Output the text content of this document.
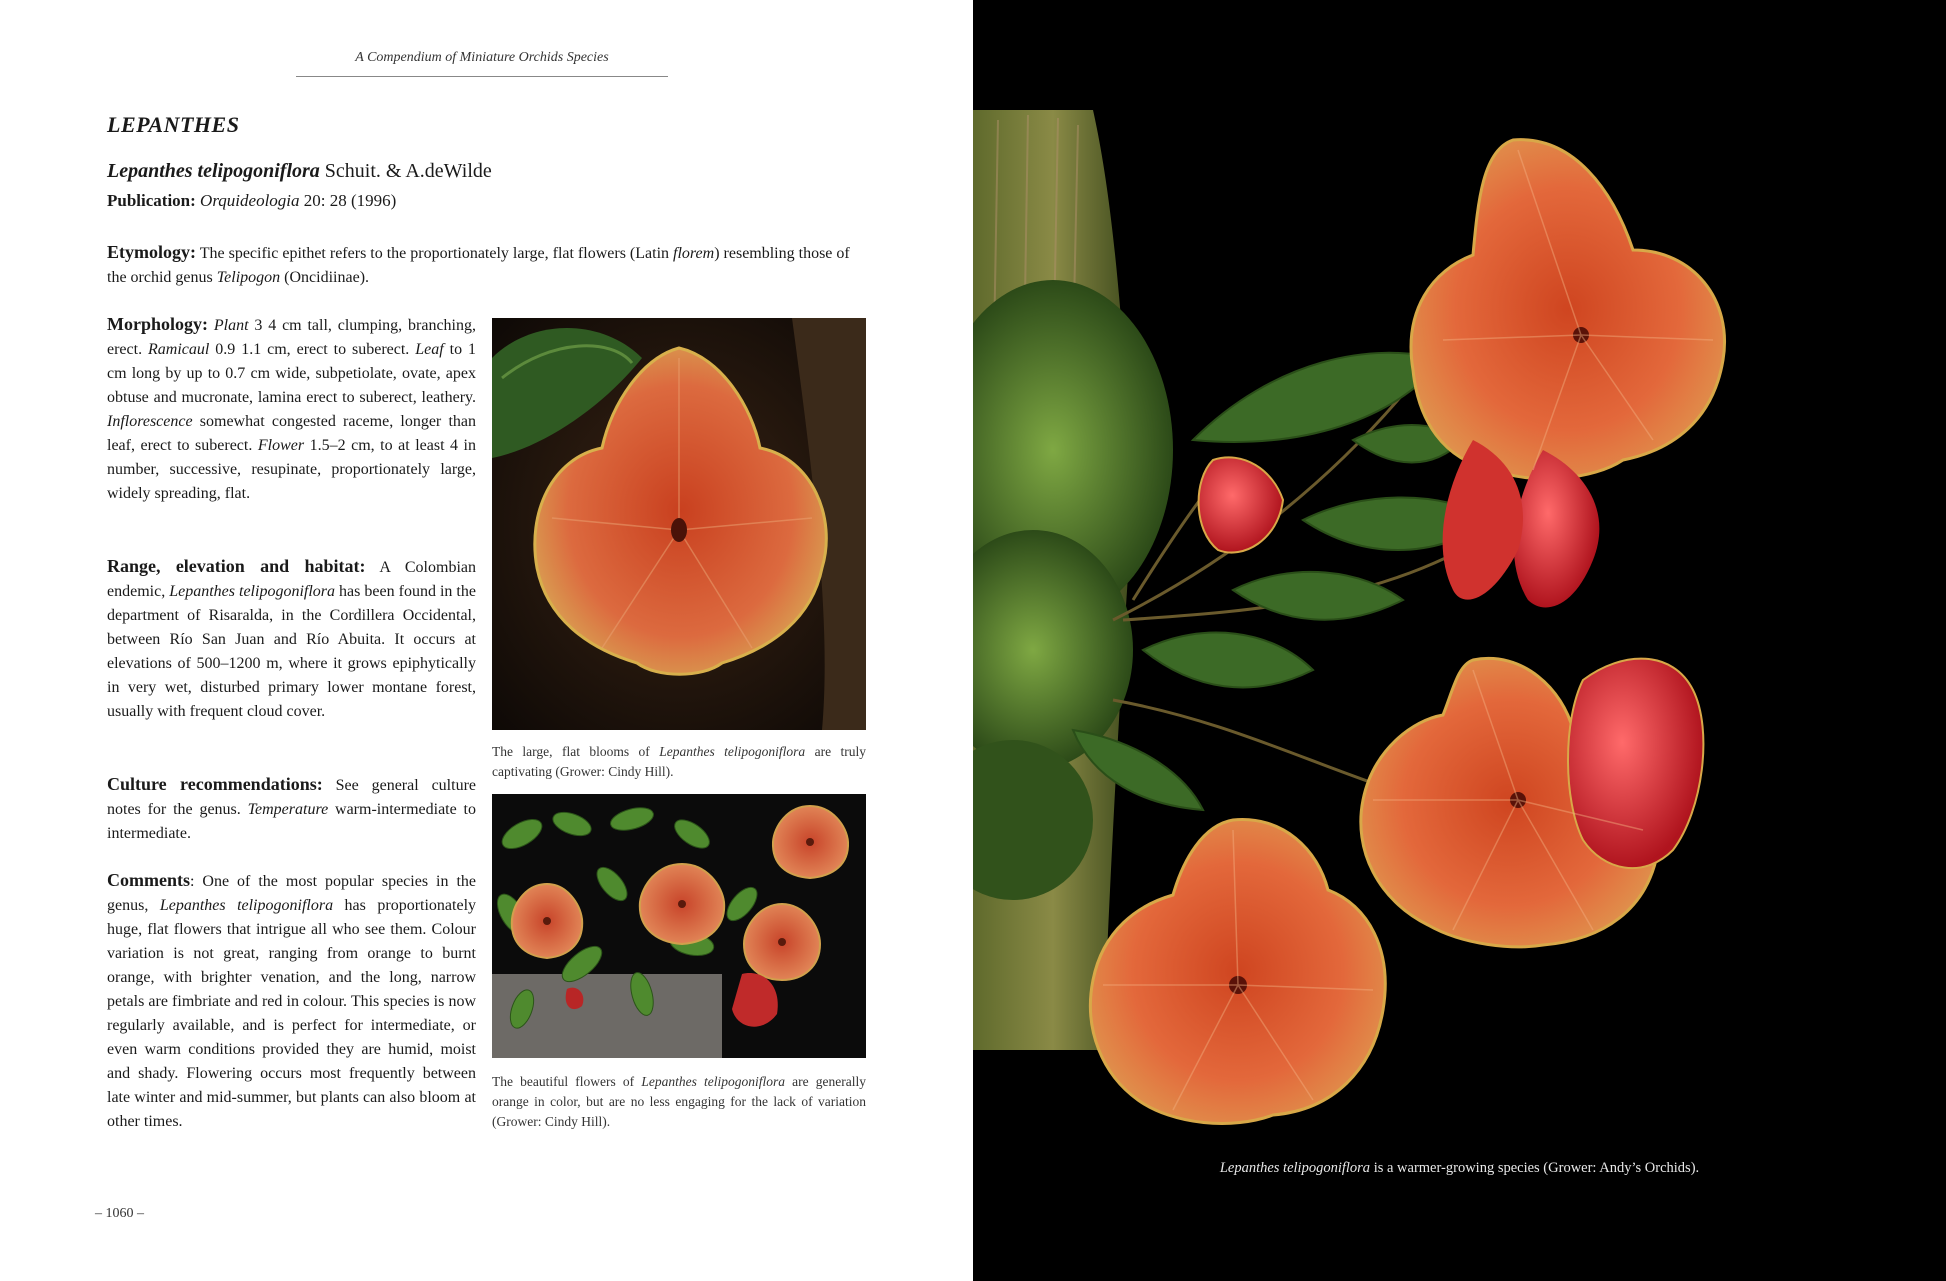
A Compendium of Miniature Orchids Species
LEPANTHES
Lepanthes telipogoniflora Schuit. & A.deWilde
Publication: Orquideologia 20: 28 (1996)
Etymology: The specific epithet refers to the proportionately large, flat flowers (Latin florem) resembling those of the orchid genus Telipogon (Oncidiinae).
Morphology: Plant 3 4 cm tall, clumping, branching, erect. Ramicaul 0.9 1.1 cm, erect to suberect. Leaf to 1 cm long by up to 0.7 cm wide, subpetiolate, ovate, apex obtuse and mucronate, lamina erect to suberect, leathery. Inflorescence somewhat congested raceme, longer than leaf, erect to suberect. Flower 1.5–2 cm, to at least 4 in number, successive, resupinate, proportionately large, widely spreading, flat.
Range, elevation and habitat: A Colombian endemic, Lepanthes telipogoniflora has been found in the department of Risaralda, in the Cordillera Occidental, between Río San Juan and Río Abuita. It occurs at elevations of 500–1200 m, where it grows epiphytically in very wet, disturbed primary lower montane forest, usually with frequent cloud cover.
Culture recommendations: See general culture notes for the genus. Temperature warm-intermediate to intermediate.
Comments: One of the most popular species in the genus, Lepanthes telipogoniflora has proportionately huge, flat flowers that intrigue all who see them. Colour variation is not great, ranging from orange to burnt orange, with brighter venation, and the long, narrow petals are fimbriate and red in colour. This species is now regularly available, and is perfect for intermediate, or even warm conditions provided they are humid, moist and shady. Flowering occurs most frequently between late winter and mid-summer, but plants can also bloom at other times.
The large, flat blooms of Lepanthes telipogoniflora are truly captivating (Grower: Cindy Hill).
The beautiful flowers of Lepanthes telipogoniflora are generally orange in color, but are no less engaging for the lack of variation (Grower: Cindy Hill).
– 1060 –
Lepanthes telipogoniflora is a warmer-growing species (Grower: Andy’s Orchids).
